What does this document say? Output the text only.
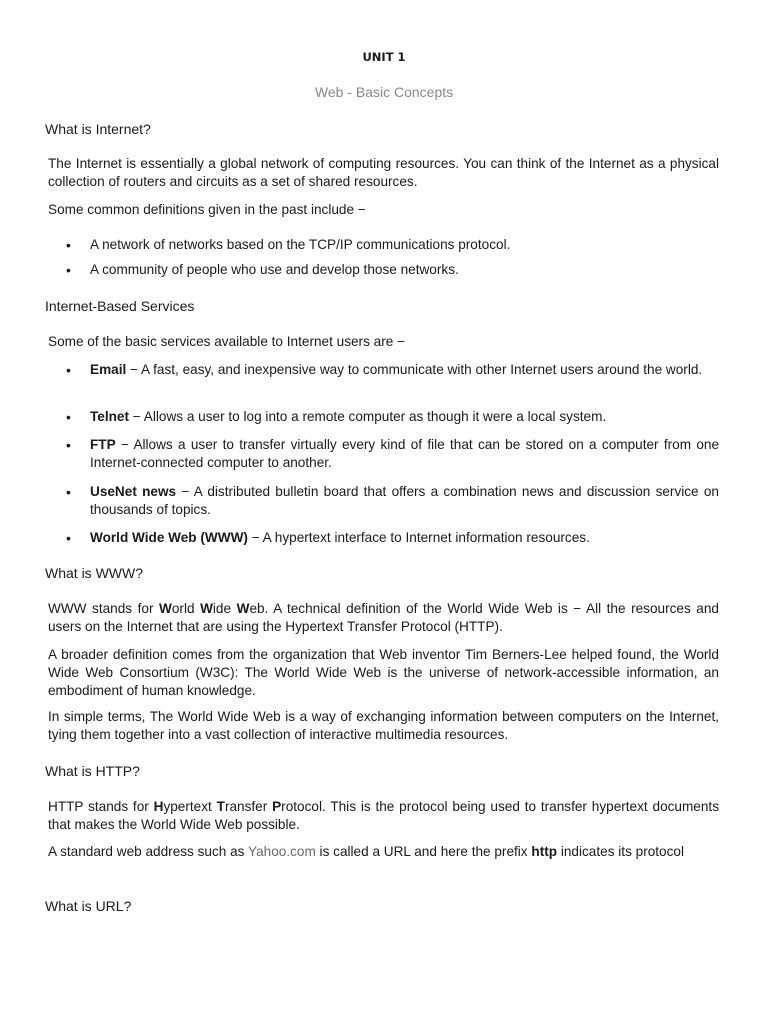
UNIT 1
Web - Basic Concepts
What is Internet?

The Internet is essentially a global network of computing resources. You can think of the Internet as a physical collection of routers and circuits as a set of shared resources.

Some common definitions given in the past include −

• A network of networks based on the TCP/IP communications protocol.
• A community of people who use and develop those networks.
Internet-Based Services

Some of the basic services available to Internet users are −

• Email − A fast, easy, and inexpensive way to communicate with other Internet users around the world.
• Telnet − Allows a user to log into a remote computer as though it were a local system.
• FTP − Allows a user to transfer virtually every kind of file that can be stored on a computer from one Internet-connected computer to another.
• UseNet news − A distributed bulletin board that offers a combination news and discussion service on thousands of topics.
• World Wide Web (WWW) − A hypertext interface to Internet information resources.
What is WWW?

WWW stands for World Wide Web. A technical definition of the World Wide Web is − All the resources and users on the Internet that are using the Hypertext Transfer Protocol (HTTP).

A broader definition comes from the organization that Web inventor Tim Berners-Lee helped found, the World Wide Web Consortium (W3C): The World Wide Web is the universe of network-accessible information, an embodiment of human knowledge.

In simple terms, The World Wide Web is a way of exchanging information between computers on the Internet, tying them together into a vast collection of interactive multimedia resources.

What is HTTP?

HTTP stands for Hypertext Transfer Protocol. This is the protocol being used to transfer hypertext documents that makes the World Wide Web possible.

A standard web address such as Yahoo.com is called a URL and here the prefix http indicates its protocol

What is URL?
